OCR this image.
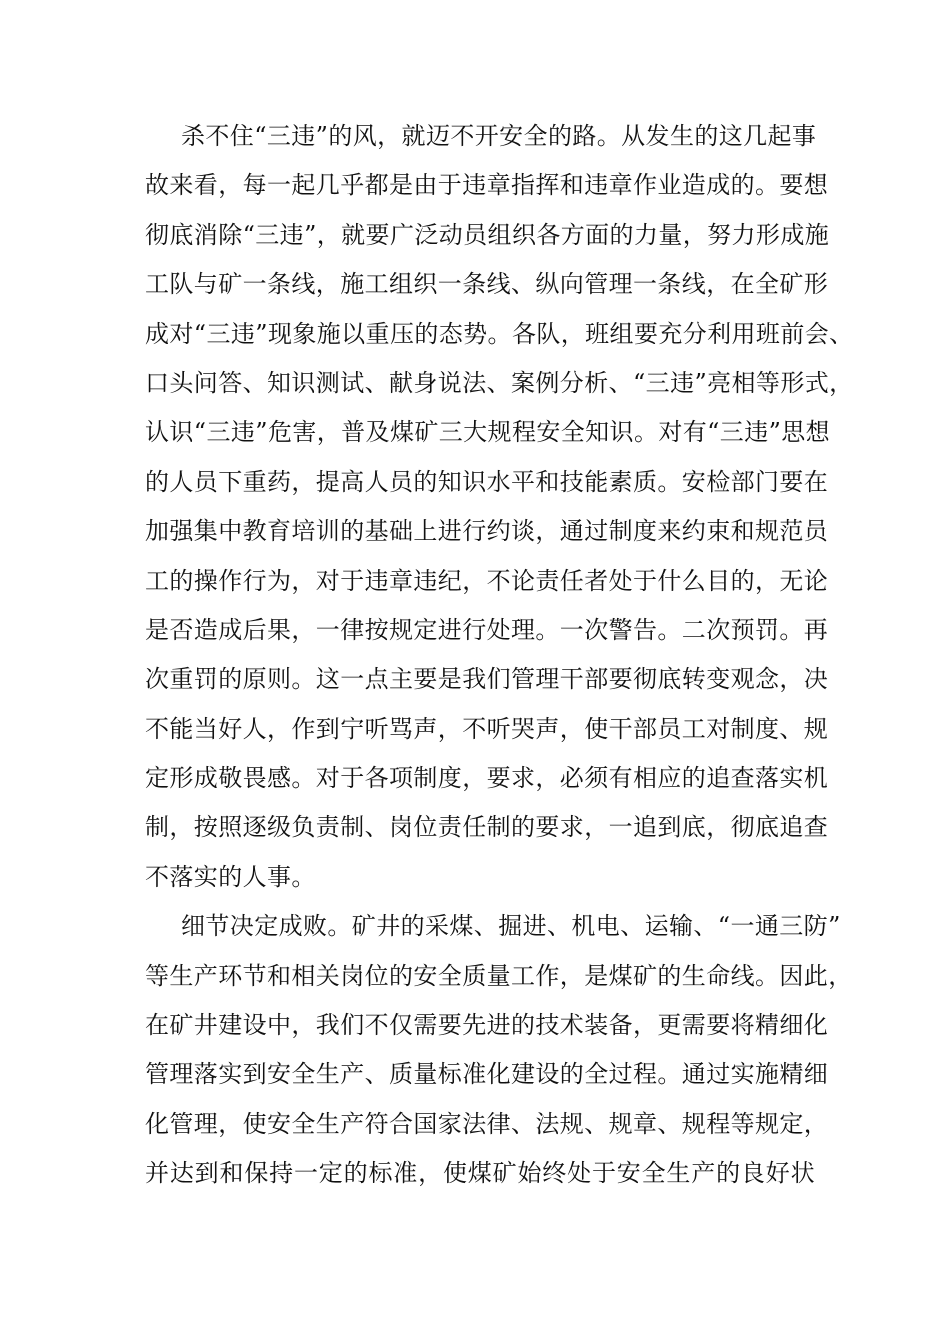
杀不住“三违”的风，就迈不开安全的路。从发生的这几起事
故来看，每一起几乎都是由于违章指挥和违章作业造成的。要想
彻底消除“三违”，就要广泛动员组织各方面的力量，努力形成施
工队与矿一条线，施工组织一条线、纵向管理一条线，在全矿形
成对“三违”现象施以重压的态势。各队，班组要充分利用班前会、
口头问答、知识测试、献身说法、案例分析、“三违”亮相等形式，
认识“三违”危害，普及煤矿三大规程安全知识。对有“三违”思想
的人员下重药，提高人员的知识水平和技能素质。安检部门要在
加强集中教育培训的基础上进行约谈，通过制度来约束和规范员
工的操作行为，对于违章违纪，不论责任者处于什么目的，无论
是否造成后果，一律按规定进行处理。一次警告。二次预罚。再
次重罚的原则。这一点主要是我们管理干部要彻底转变观念，决
不能当好人，作到宁听骂声，不听哭声，使干部员工对制度、规
定形成敬畏感。对于各项制度，要求，必须有相应的追查落实机
制，按照逐级负责制、岗位责任制的要求，一追到底，彻底追查
不落实的人事。
细节决定成败。矿井的采煤、掘进、机电、运输、“一通三防”
等生产环节和相关岗位的安全质量工作，是煤矿的生命线。因此，
在矿井建设中，我们不仅需要先进的技术装备，更需要将精细化
管理落实到安全生产、质量标准化建设的全过程。通过实施精细
化管理，使安全生产符合国家法律、法规、规章、规程等规定，
并达到和保持一定的标准，使煤矿始终处于安全生产的良好状
